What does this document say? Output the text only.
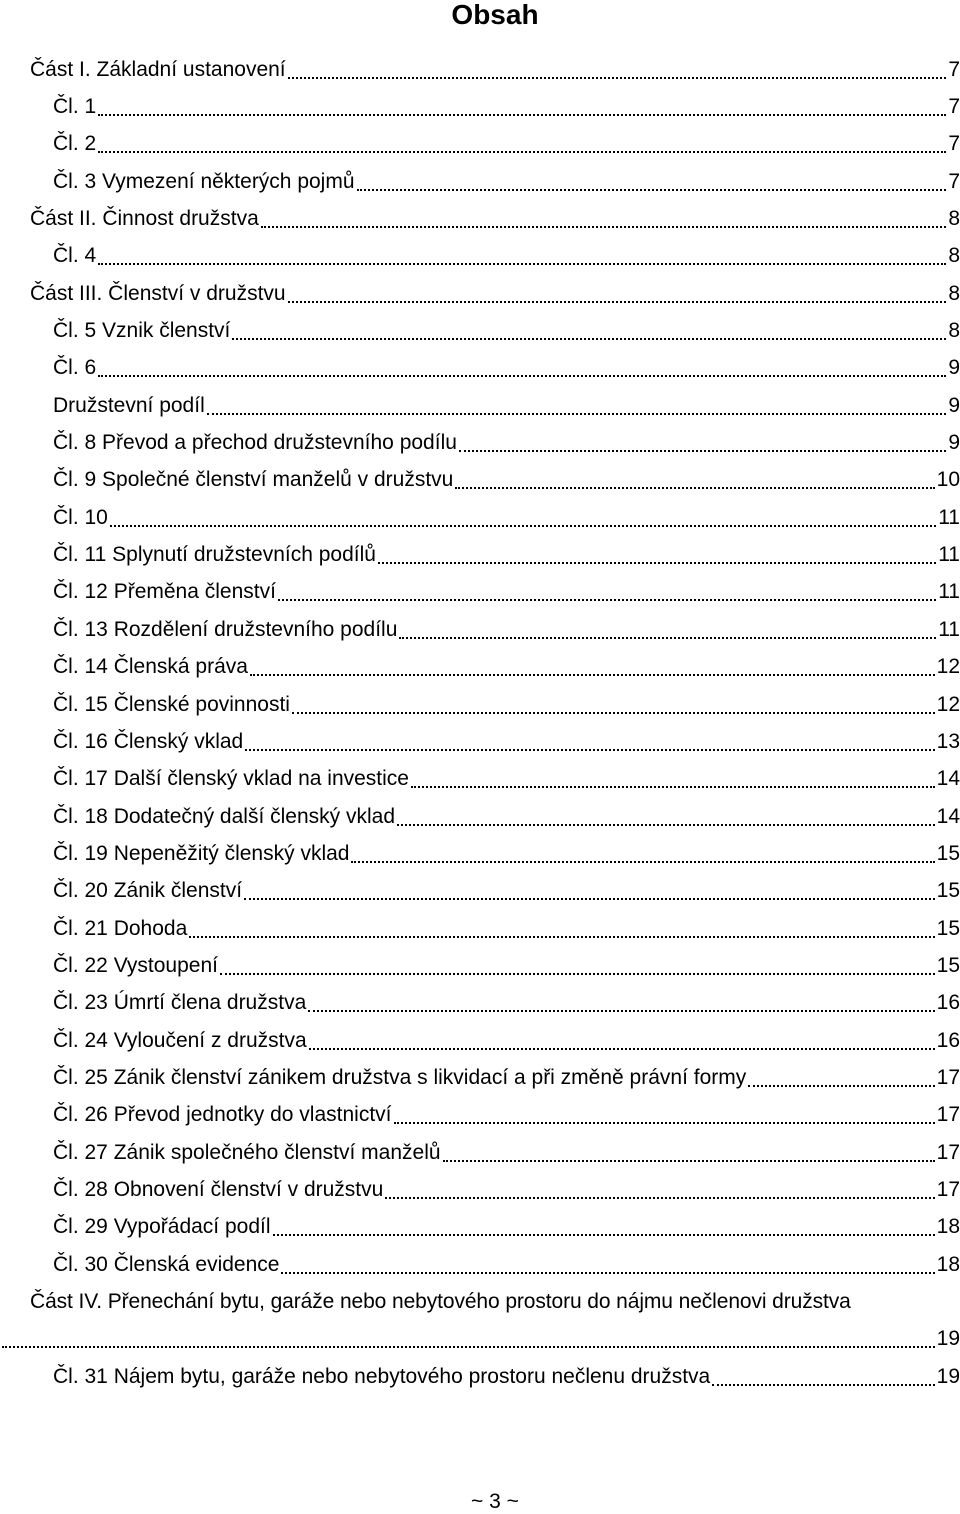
Obsah
Část I. Základní ustanovení	7
Čl. 1	7
Čl. 2	7
Čl. 3 Vymezení některých pojmů	7
Část II. Činnost družstva	8
Čl. 4	8
Část III. Členství v družstvu	8
Čl. 5 Vznik členství	8
Čl. 6	9
Družstevní podíl	9
Čl. 8 Převod a přechod družstevního podílu	9
Čl. 9 Společné členství manželů v družstvu	10
Čl. 10	11
Čl. 11 Splynutí družstevních podílů	11
Čl. 12 Přeměna členství	11
Čl. 13 Rozdělení družstevního podílu	11
Čl. 14 Členská práva	12
Čl. 15 Členské povinnosti	12
Čl. 16 Členský vklad	13
Čl. 17 Další členský vklad na investice	14
Čl. 18 Dodatečný další členský vklad	14
Čl. 19 Nepeněžitý členský vklad	15
Čl. 20 Zánik členství	15
Čl. 21 Dohoda	15
Čl. 22 Vystoupení	15
Čl. 23 Úmrtí člena družstva	16
Čl. 24 Vyloučení z družstva	16
Čl. 25 Zánik členství zánikem družstva s likvidací a při změně právní formy	17
Čl. 26 Převod jednotky do vlastnictví	17
Čl. 27 Zánik společného členství manželů	17
Čl. 28 Obnovení členství v družstvu	17
Čl. 29 Vypořádací podíl	18
Čl. 30 Členská evidence	18
Část IV. Přenechání bytu, garáže nebo nebytového prostoru do nájmu nečlenovi družstva
19
Čl. 31 Nájem bytu, garáže nebo nebytového prostoru nečlenu družstva	19
~ 3 ~
